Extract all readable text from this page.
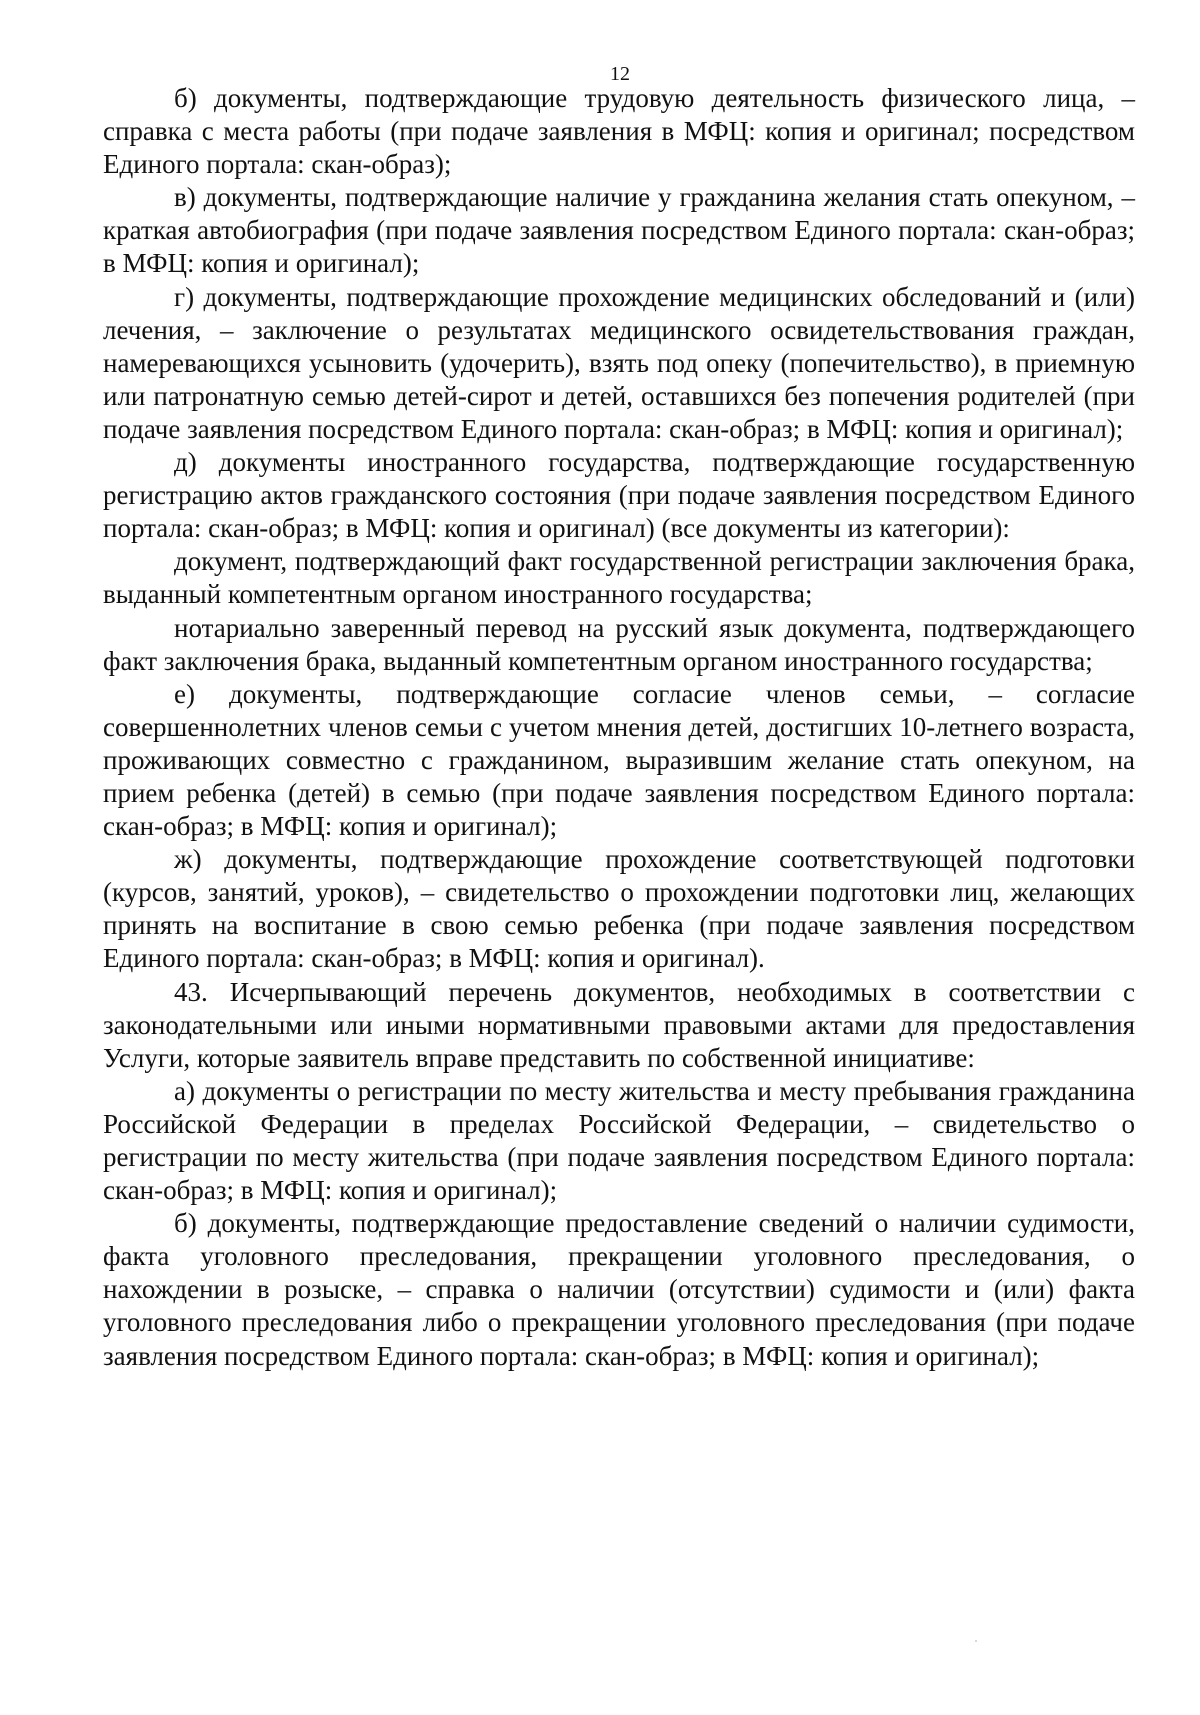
12

б) документы, подтверждающие трудовую деятельность физического лица, – справка с места работы (при подаче заявления в МФЦ: копия и оригинал; посредством Единого портала: скан-образ);

в) документы, подтверждающие наличие у гражданина желания стать опекуном, – краткая автобиография (при подаче заявления посредством Единого портала: скан-образ; в МФЦ: копия и оригинал);

г) документы, подтверждающие прохождение медицинских обследований и (или) лечения, – заключение о результатах медицинского освидетельствования граждан, намеревающихся усыновить (удочерить), взять под опеку (попечительство), в приемную или патронатную семью детей-сирот и детей, оставшихся без попечения родителей (при подаче заявления посредством Единого портала: скан-образ; в МФЦ: копия и оригинал);

д) документы иностранного государства, подтверждающие государственную регистрацию актов гражданского состояния (при подаче заявления посредством Единого портала: скан-образ; в МФЦ: копия и оригинал) (все документы из категории):

документ, подтверждающий факт государственной регистрации заключения брака, выданный компетентным органом иностранного государства;

нотариально заверенный перевод на русский язык документа, подтверждающего факт заключения брака, выданный компетентным органом иностранного государства;

е) документы, подтверждающие согласие членов семьи, – согласие совершеннолетних членов семьи с учетом мнения детей, достигших 10-летнего возраста, проживающих совместно с гражданином, выразившим желание стать опекуном, на прием ребенка (детей) в семью (при подаче заявления посредством Единого портала: скан-образ; в МФЦ: копия и оригинал);

ж) документы, подтверждающие прохождение соответствующей подготовки (курсов, занятий, уроков), – свидетельство о прохождении подготовки лиц, желающих принять на воспитание в свою семью ребенка (при подаче заявления посредством Единого портала: скан-образ; в МФЦ: копия и оригинал).

43. Исчерпывающий перечень документов, необходимых в соответствии с законодательными или иными нормативными правовыми актами для предоставления Услуги, которые заявитель вправе представить по собственной инициативе:

а) документы о регистрации по месту жительства и месту пребывания гражданина Российской Федерации в пределах Российской Федерации, – свидетельство о регистрации по месту жительства (при подаче заявления посредством Единого портала: скан-образ; в МФЦ: копия и оригинал);

б) документы, подтверждающие предоставление сведений о наличии судимости, факта уголовного преследования, прекращении уголовного преследования, о нахождении в розыске, – справка о наличии (отсутствии) судимости и (или) факта уголовного преследования либо о прекращении уголовного преследования (при подаче заявления посредством Единого портала: скан-образ; в МФЦ: копия и оригинал);
